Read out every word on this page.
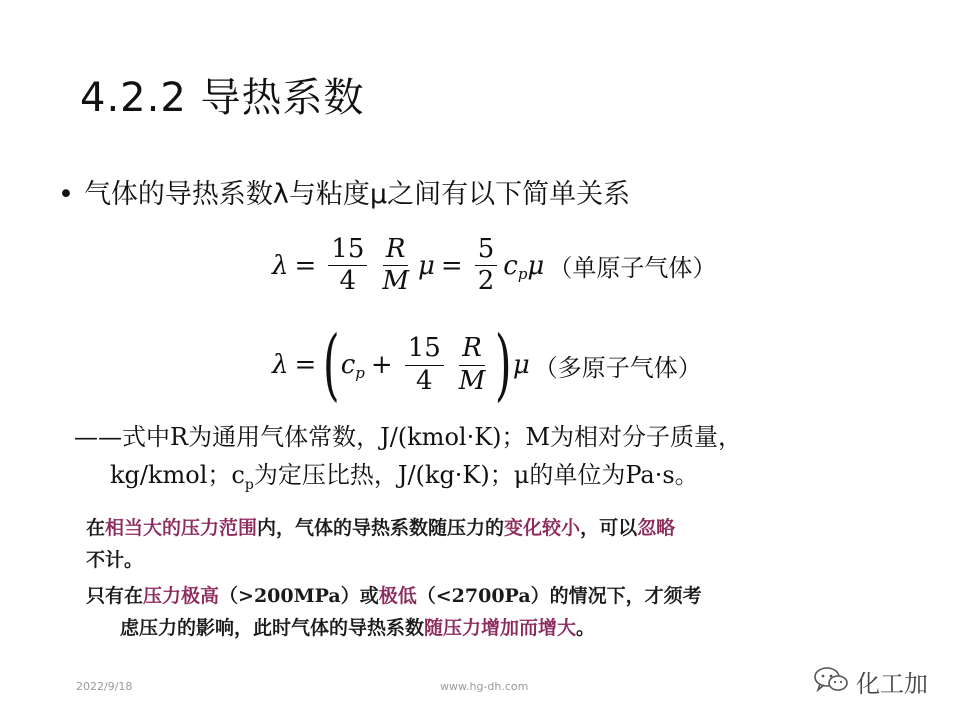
4.2.2 导热系数
• 气体的导热系数λ与粘度μ之间有以下简单关系
$\lambda = \frac{15}{4} \frac{R}{M}$ $\mu = \frac{5}{2}$ c p μ （单原子气体）
λ = ( c $p + \frac{15}{4} \frac{R}{M}$ ) μ （多原子气体）
——式中R为通用气体常数，J/(kmol·K)；M为相对分子质量，
kg/kmol；$c_p$为定压比热，J/(kg·K)；μ的单位为Pa·s。
在相当大的压力范围内，气体的导热系数随压力的变化较小，可以忽略
不计。
只有在压力极高（>200MPa）或极低（<2700Pa）的情况下，才须考
虑压力的影响，此时气体的导热系数随压力增加而增大。
2022/9/18	www.hg-dh.com	化工加
